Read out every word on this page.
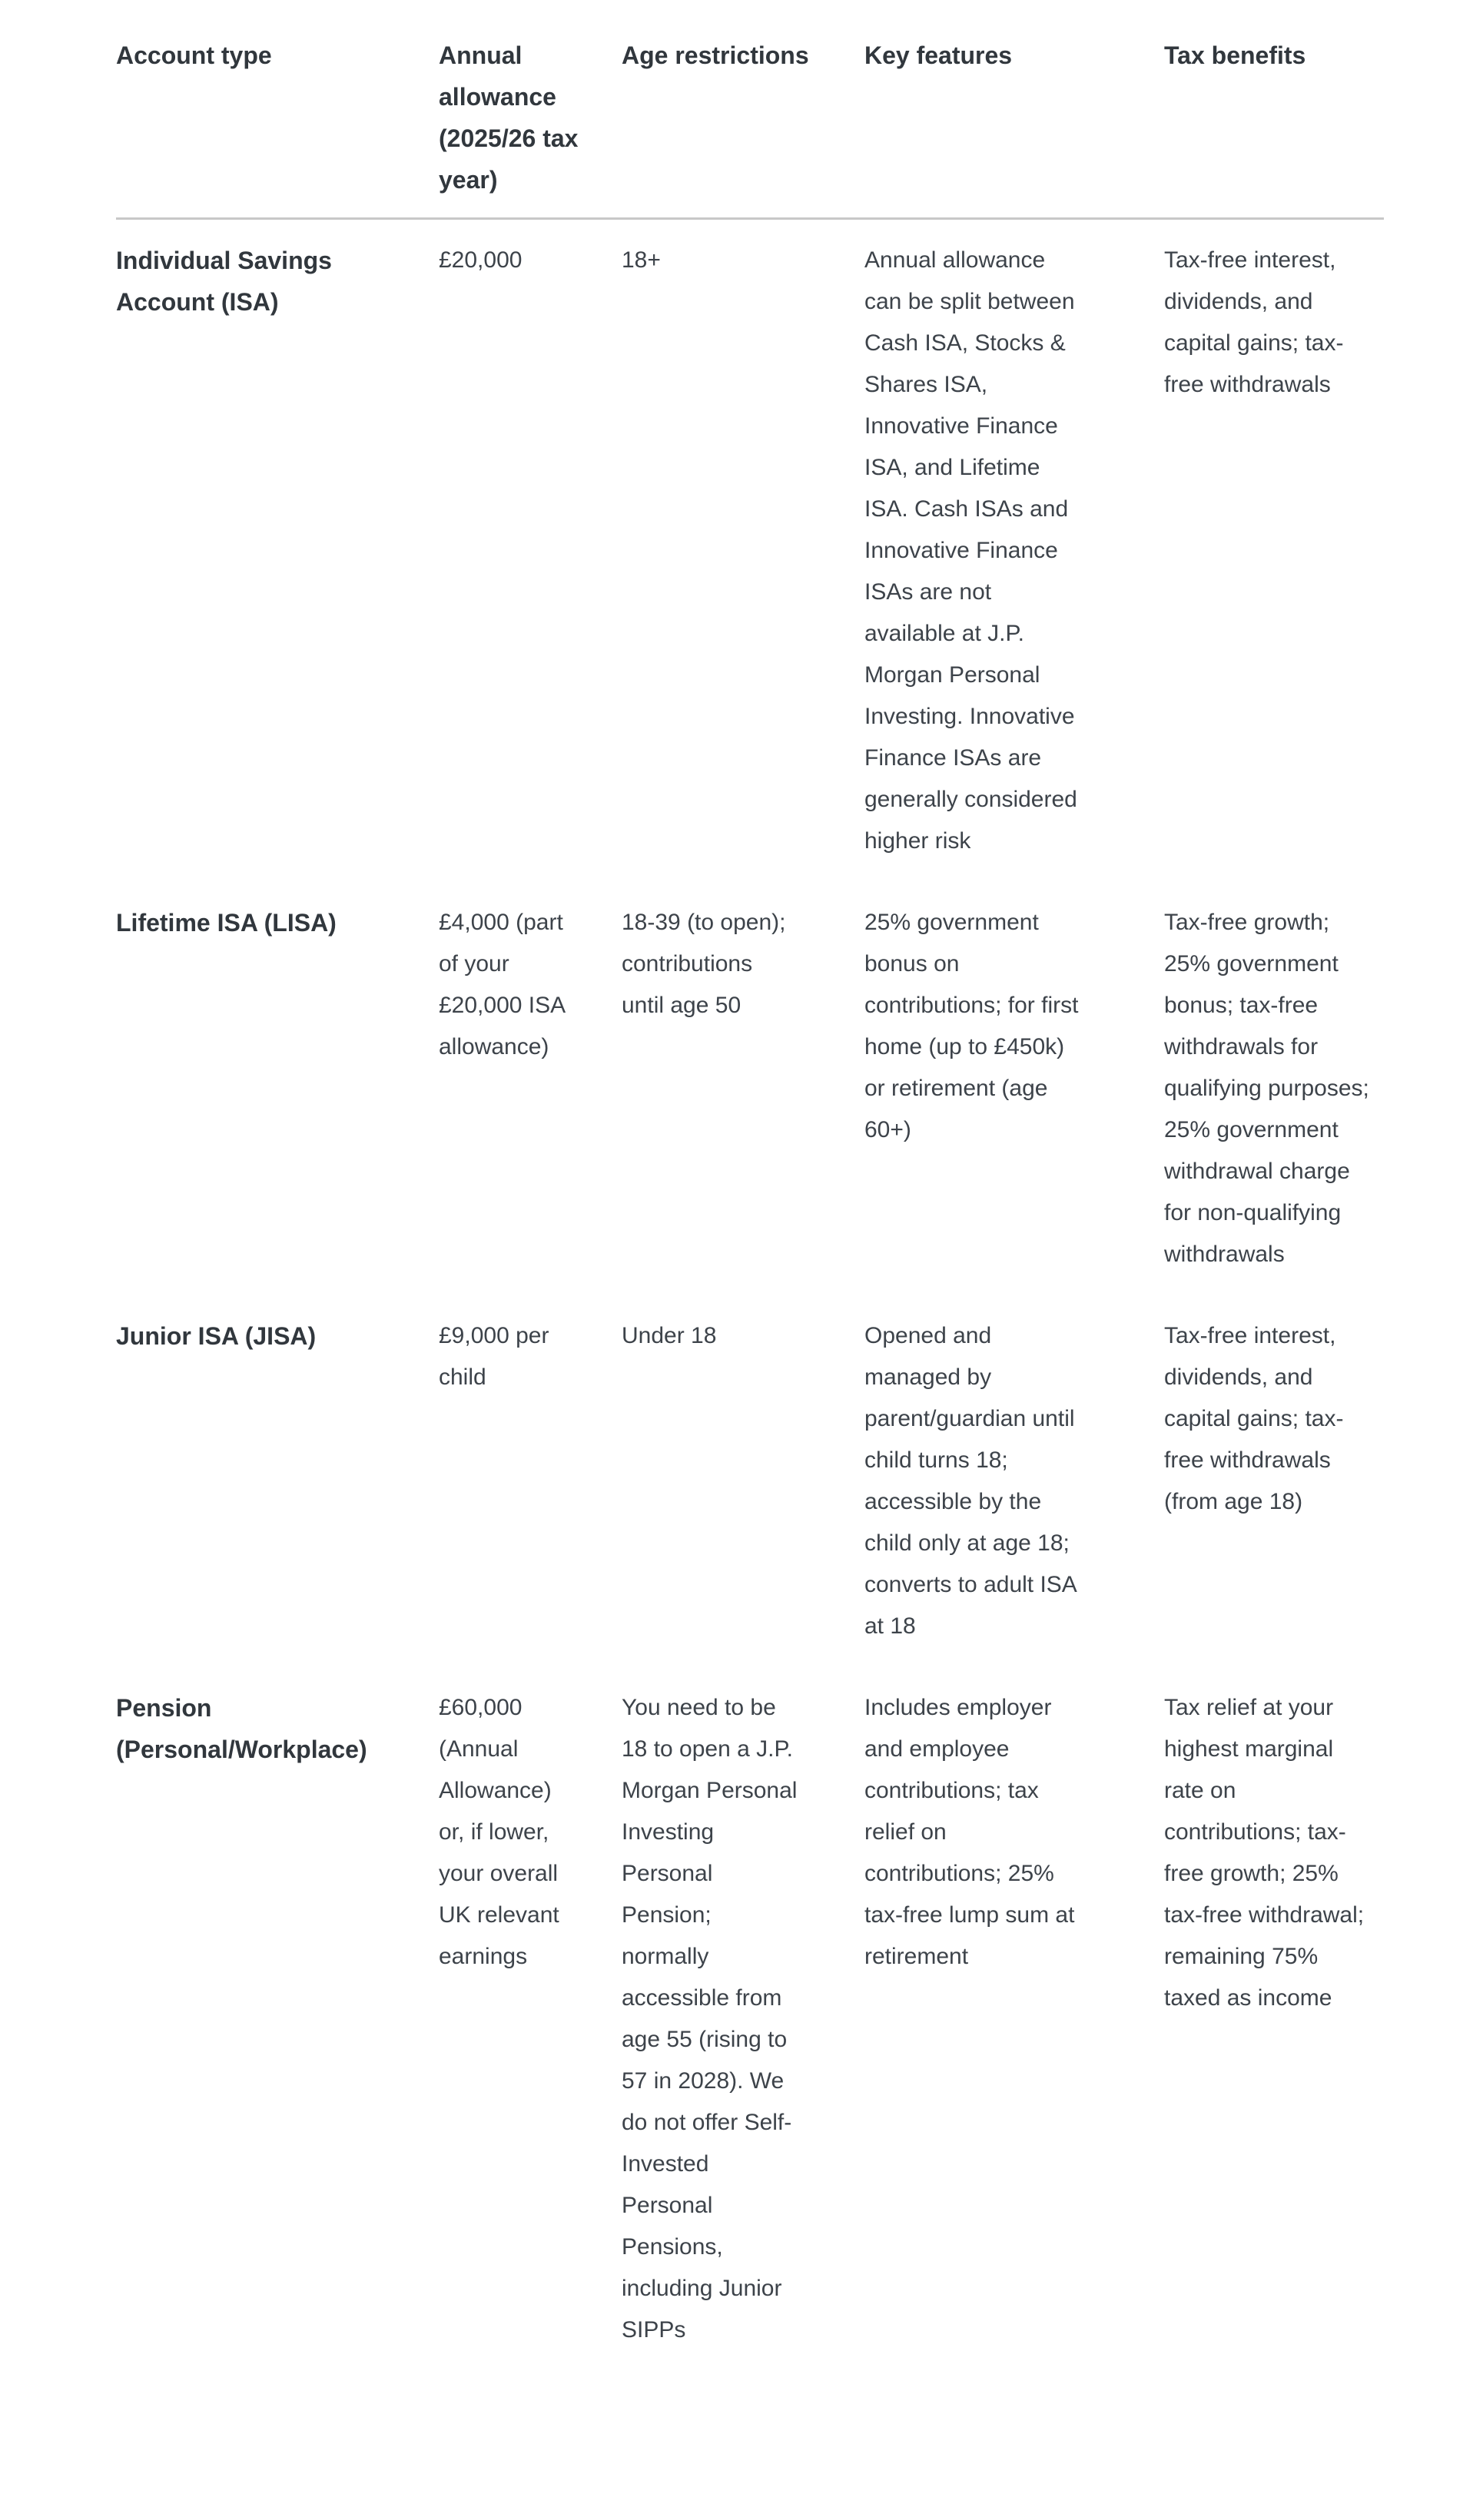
Account type	Annual allowance (2025/26 tax year)	Age restrictions	Key features	Tax benefits
Individual Savings Account (ISA)	£20,000	18+	Annual allowance can be split between Cash ISA, Stocks & Shares ISA, Innovative Finance ISA, and Lifetime ISA. Cash ISAs and Innovative Finance ISAs are not available at J.P. Morgan Personal Investing. Innovative Finance ISAs are generally considered higher risk	Tax-free interest, dividends, and capital gains; tax-free withdrawals
Lifetime ISA (LISA)	£4,000 (part of your £20,000 ISA allowance)	18-39 (to open); contributions until age 50	25% government bonus on contributions; for first home (up to £450k) or retirement (age 60+)	Tax-free growth; 25% government bonus; tax-free withdrawals for qualifying purposes; 25% government withdrawal charge for non-qualifying withdrawals
Junior ISA (JISA)	£9,000 per child	Under 18	Opened and managed by parent/guardian until child turns 18; accessible by the child only at age 18; converts to adult ISA at 18	Tax-free interest, dividends, and capital gains; tax-free withdrawals (from age 18)
Pension (Personal/Workplace)	£60,000 (Annual Allowance) or, if lower, your overall UK relevant earnings	You need to be 18 to open a J.P. Morgan Personal Investing Personal Pension; normally accessible from age 55 (rising to 57 in 2028). We do not offer Self-Invested Personal Pensions, including Junior SIPPs	Includes employer and employee contributions; tax relief on contributions; 25% tax-free lump sum at retirement	Tax relief at your highest marginal rate on contributions; tax-free growth; 25% tax-free withdrawal; remaining 75% taxed as income
